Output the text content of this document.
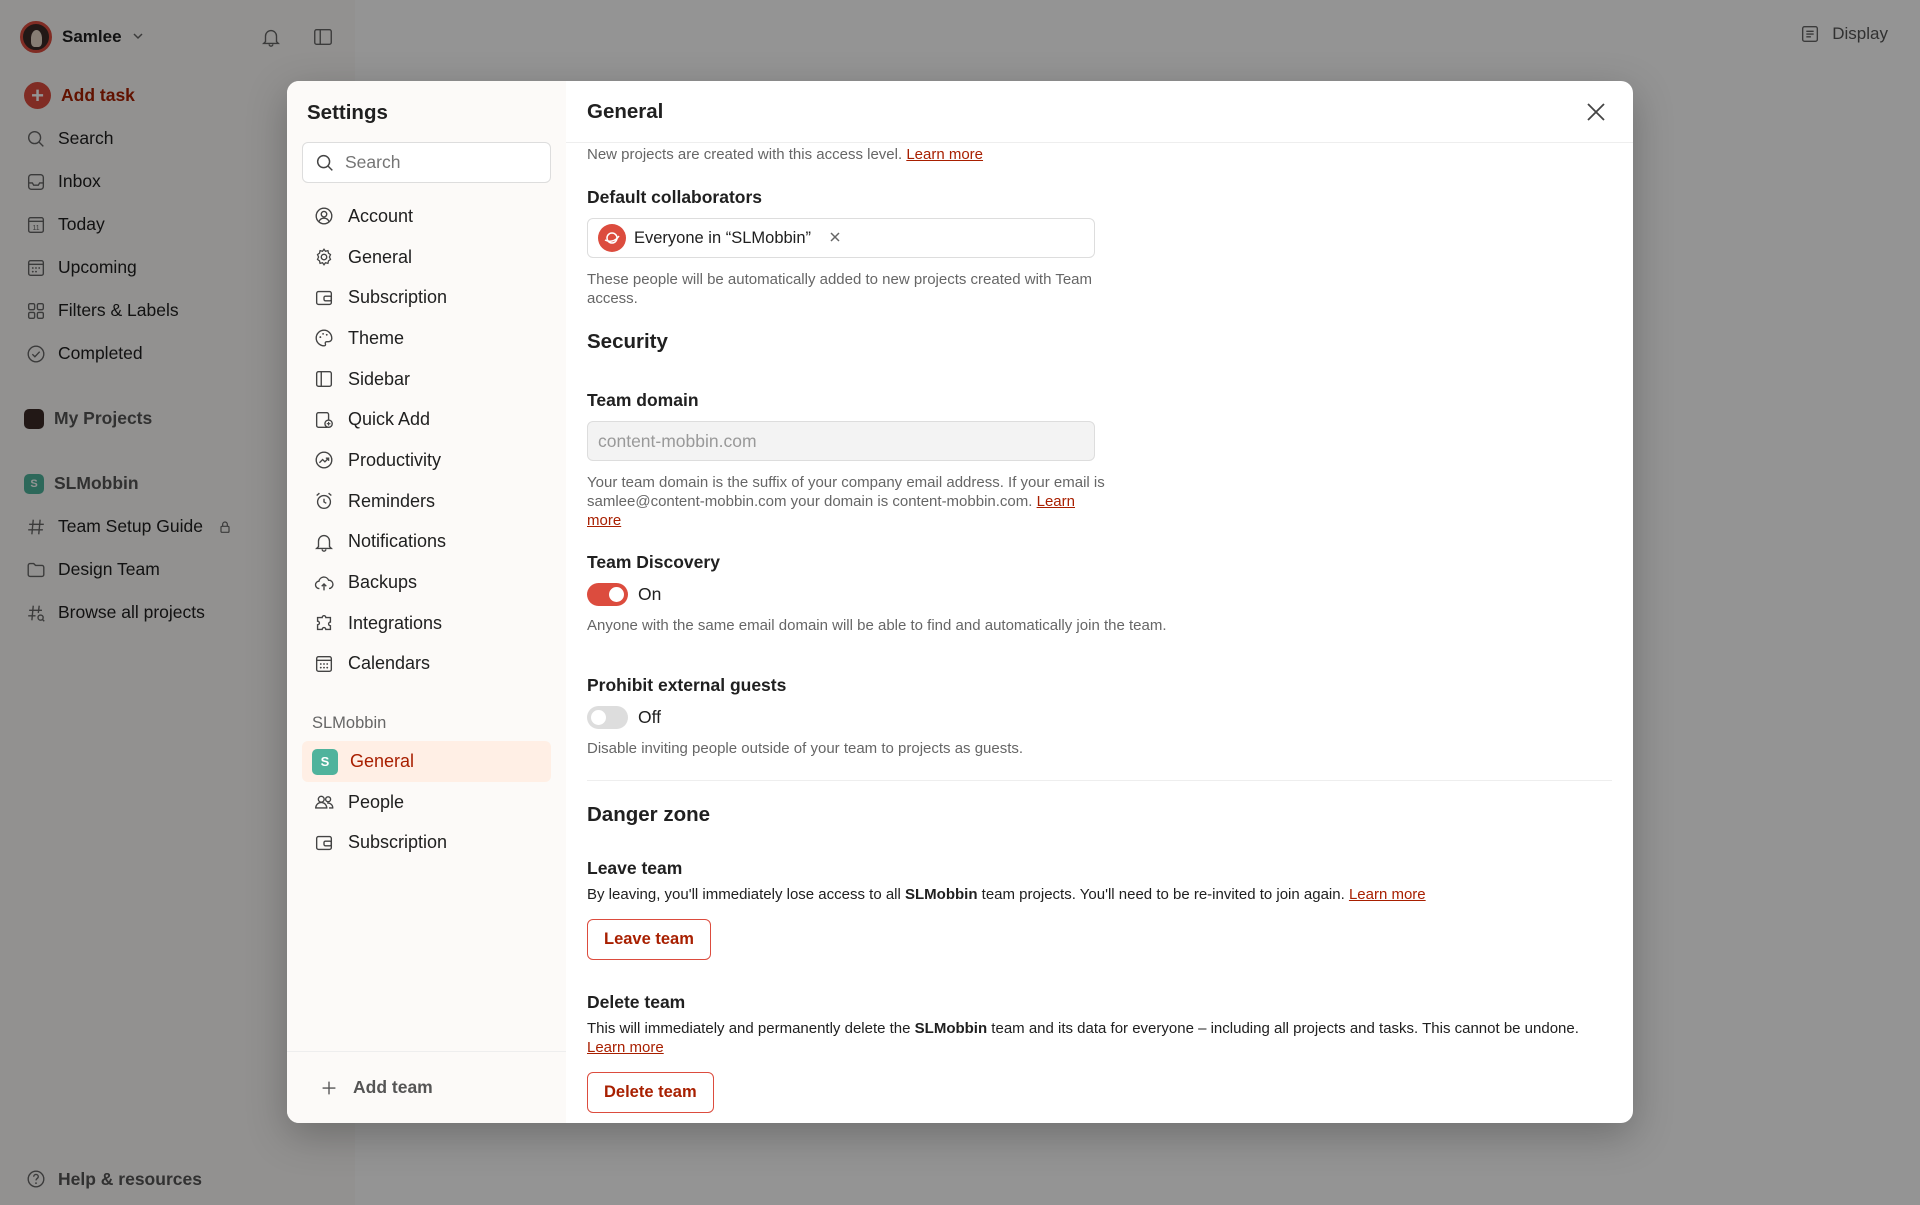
Samlee
+ Add task
Search
Inbox
11 Today
Upcoming
Filters & Labels
Completed
My Projects
S SLMobbin
Team Setup Guide
Design Team
Browse all projects
Help & resources
Display
Settings
Search
Account
General
Subscription
Theme
Sidebar
Quick Add
Productivity
Reminders
Notifications
Backups
Integrations
Calendars
SLMobbin
S	General
People
Subscription
Add team
General

New projects are created with this access level. Learn more

Default collaborators
Everyone in “SLMobbin”

These people will be automatically added to new projects created with Team access.

Security
Team domain
content-mobbin.com

Your team domain is the suffix of your company email address. If your email is samlee@content-mobbin.com your domain is content-mobbin.com. Learn more

Team Discovery
On

Anyone with the same email domain will be able to find and automatically join the team.

Prohibit external guests
Off

Disable inviting people outside of your team to projects as guests.

Danger zone
Leave team

By leaving, you'll immediately lose access to all SLMobbin team projects. You'll need to be re-invited to join again. Learn more

Leave team
Delete team

This will immediately and permanently delete the SLMobbin team and its data for everyone – including all projects and tasks. This cannot be undone. Learn more

Delete team
